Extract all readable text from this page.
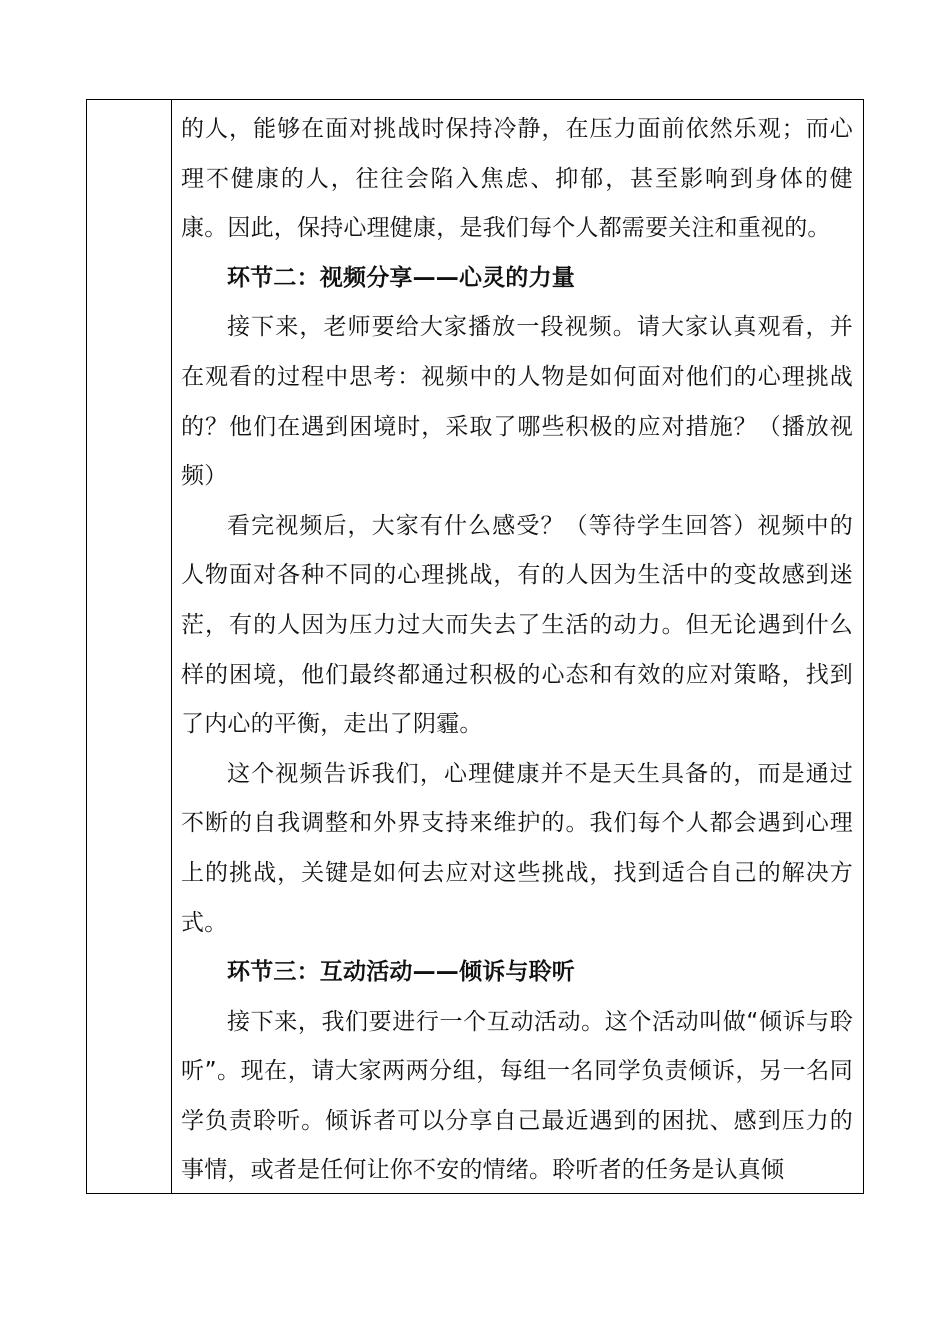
的人，能够在面对挑战时保持冷静，在压力面前依然乐观；而心理不健康的人，往往会陷入焦虑、抑郁，甚至影响到身体的健康。因此，保持心理健康，是我们每个人都需要关注和重视的。

环节二：视频分享——心灵的力量

接下来，老师要给大家播放一段视频。请大家认真观看，并在观看的过程中思考：视频中的人物是如何面对他们的心理挑战的？他们在遇到困境时，采取了哪些积极的应对措施？（播放视频）

看完视频后，大家有什么感受？（等待学生回答）视频中的人物面对各种不同的心理挑战，有的人因为生活中的变故感到迷茫，有的人因为压力过大而失去了生活的动力。但无论遇到什么样的困境，他们最终都通过积极的心态和有效的应对策略，找到了内心的平衡，走出了阴霾。

这个视频告诉我们，心理健康并不是天生具备的，而是通过不断的自我调整和外界支持来维护的。我们每个人都会遇到心理上的挑战，关键是如何去应对这些挑战，找到适合自己的解决方式。

环节三：互动活动——倾诉与聆听

接下来，我们要进行一个互动活动。这个活动叫做“倾诉与聆听”。现在，请大家两两分组，每组一名同学负责倾诉，另一名同学负责聆听。倾诉者可以分享自己最近遇到的困扰、感到压力的事情，或者是任何让你不安的情绪。聆听者的任务是认真倾
